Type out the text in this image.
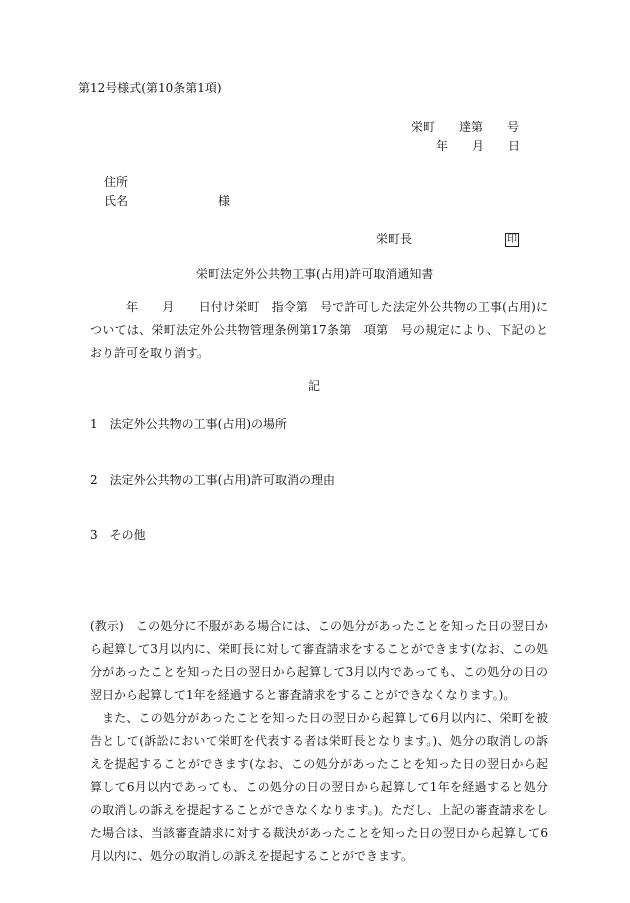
第12号様式(第10条第1項)
栄町　　達第　　号
年　　月　　日
住所
氏名	様
栄町長	印
栄町法定外公共物工事(占用)許可取消通知書

年　　月　　日付け栄町　指令第　号で許可した法定外公共物の工事(占用)については、栄町法定外公共物管理条例第17条第　項第　号の規定により、下記のとおり許可を取り消す。

記
1　法定外公共物の工事(占用)の場所
2　法定外公共物の工事(占用)許可取消の理由
3　その他

(教示)　この処分に不服がある場合には、この処分があったことを知った日の翌日から起算して3月以内に、栄町長に対して審査請求をすることができます(なお、この処分があったことを知った日の翌日から起算して3月以内であっても、この処分の日の翌日から起算して1年を経過すると審査請求をすることができなくなります。)。

また、この処分があったことを知った日の翌日から起算して6月以内に、栄町を被告として(訴訟において栄町を代表する者は栄町長となります。)、処分の取消しの訴えを提起することができます(なお、この処分があったことを知った日の翌日から起算して6月以内であっても、この処分の日の翌日から起算して1年を経過すると処分の取消しの訴えを提起することができなくなります。)。ただし、上記の審査請求をした場合は、当該審査請求に対する裁決があったことを知った日の翌日から起算して6月以内に、処分の取消しの訴えを提起することができます。
